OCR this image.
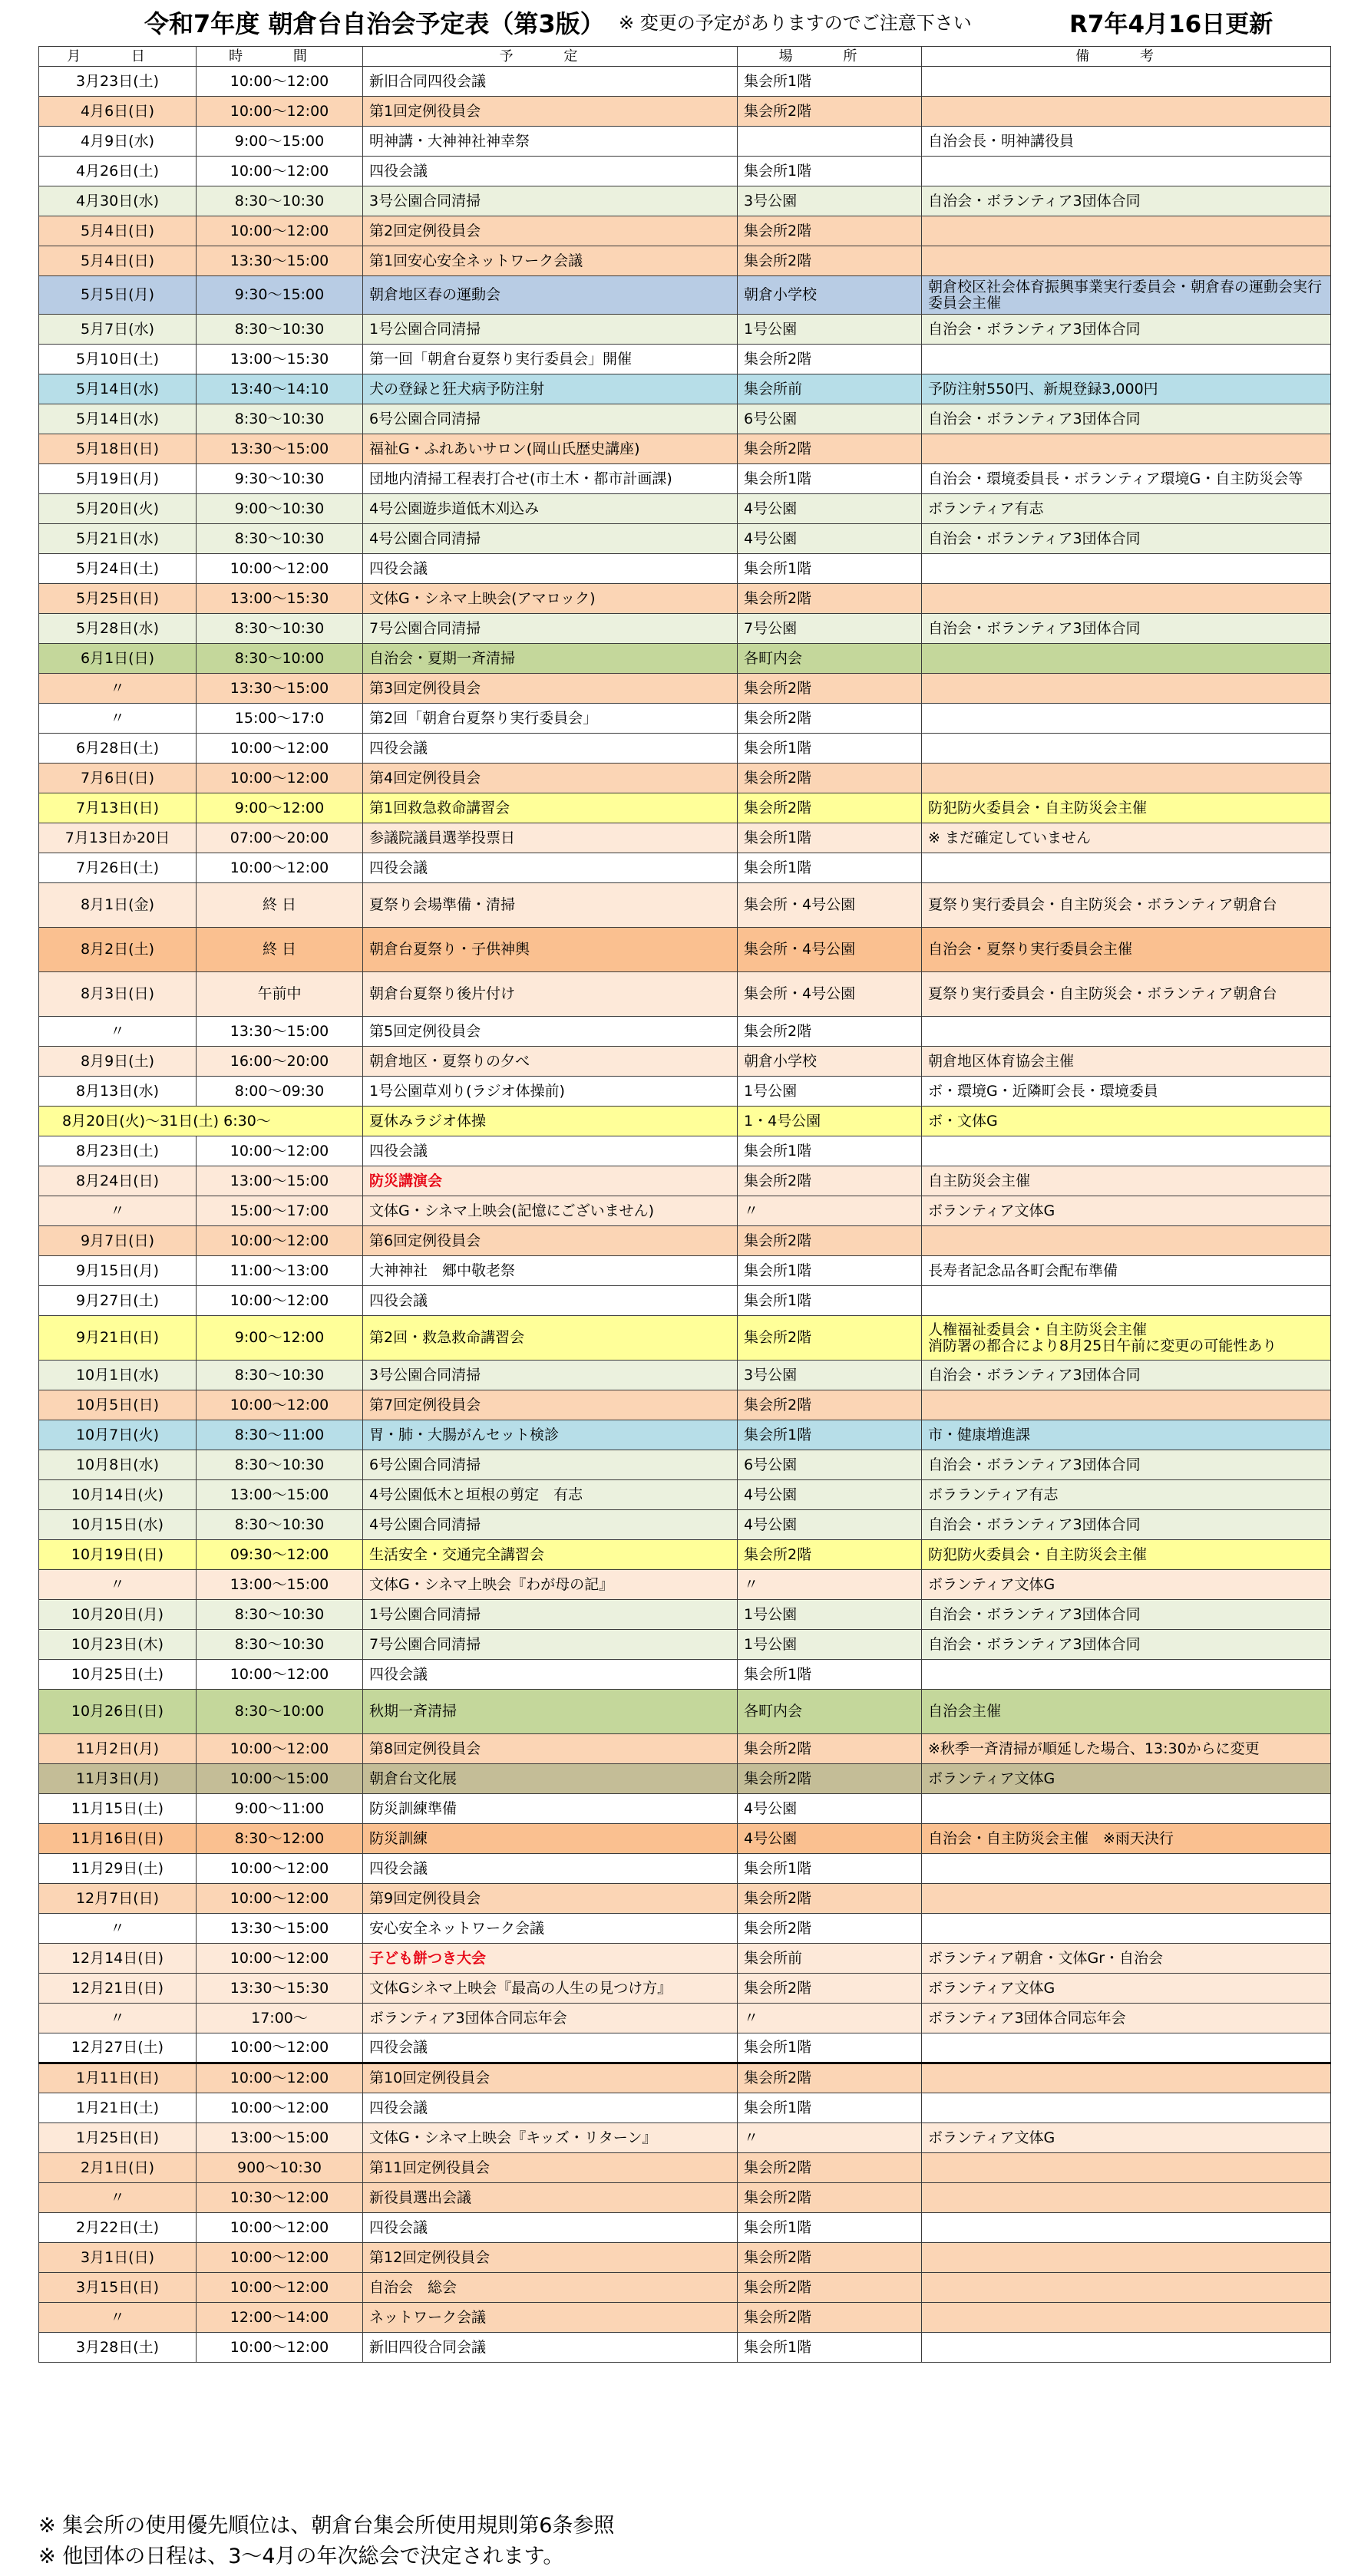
令和7年度 朝倉台自治会予定表（第3版） ※ 変更の予定がありますのでご注意下さい	R7年4月16日更新
月 日	時 間	予 定	場 所	備 考
3月23日(土)	10:00～12:00	新旧合同四役会議	集会所1階	
4月6日(日)	10:00～12:00	第1回定例役員会	集会所2階	
4月9日(水)	9:00～15:00	明神講・大神神社神幸祭		自治会長・明神講役員
4月26日(土)	10:00～12:00	四役会議	集会所1階	
4月30日(水)	8:30～10:30	3号公園合同清掃	3号公園	自治会・ボランティア3団体合同
5月4日(日)	10:00～12:00	第2回定例役員会	集会所2階	
5月4日(日)	13:30～15:00	第1回安心安全ネットワーク会議	集会所2階	
5月5日(月)	9:30～15:00	朝倉地区春の運動会	朝倉小学校	朝倉校区社会体育振興事業実行委員会・朝倉春の運動会実行委員会主催
5月7日(水)	8:30～10:30	1号公園合同清掃	1号公園	自治会・ボランティア3団体合同
5月10日(土)	13:00～15:30	第一回「朝倉台夏祭り実行委員会」開催	集会所2階	
5月14日(水)	13:40～14:10	犬の登録と狂犬病予防注射	集会所前	予防注射550円、新規登録3,000円
5月14日(水)	8:30～10:30	6号公園合同清掃	6号公園	自治会・ボランティア3団体合同
5月18日(日)	13:30～15:00	福祉G・ふれあいサロン(岡山氏歴史講座)	集会所2階	
5月19日(月)	9:30～10:30	団地内清掃工程表打合せ(市土木・都市計画課)	集会所1階	自治会・環境委員長・ボランティア環境G・自主防災会等
5月20日(火)	9:00～10:30	4号公園遊歩道低木刈込み	4号公園	ボランティア有志
5月21日(水)	8:30～10:30	4号公園合同清掃	4号公園	自治会・ボランティア3団体合同
5月24日(土)	10:00～12:00	四役会議	集会所1階	
5月25日(日)	13:00～15:30	文体G・シネマ上映会(アマロック)	集会所2階	
5月28日(水)	8:30～10:30	7号公園合同清掃	7号公園	自治会・ボランティア3団体合同
6月1日(日)	8:30～10:00	自治会・夏期一斉清掃	各町内会	
〃	13:30～15:00	第3回定例役員会	集会所2階	
〃	15:00～17:0	第2回「朝倉台夏祭り実行委員会」	集会所2階	
6月28日(土)	10:00～12:00	四役会議	集会所1階	
7月6日(日)	10:00～12:00	第4回定例役員会	集会所2階	
7月13日(日)	9:00～12:00	第1回救急救命講習会	集会所2階	防犯防火委員会・自主防災会主催
7月13日か20日	07:00～20:00	参議院議員選挙投票日	集会所1階	※ まだ確定していません
7月26日(土)	10:00～12:00	四役会議	集会所1階	
8月1日(金)	終 日	夏祭り会場準備・清掃	集会所・4号公園	夏祭り実行委員会・自主防災会・ボランティア朝倉台
8月2日(土)	終 日	朝倉台夏祭り・子供神輿	集会所・4号公園	自治会・夏祭り実行委員会主催
8月3日(日)	午前中	朝倉台夏祭り後片付け	集会所・4号公園	夏祭り実行委員会・自主防災会・ボランティア朝倉台
〃	13:30～15:00	第5回定例役員会	集会所2階	
8月9日(土)	16:00～20:00	朝倉地区・夏祭りの夕べ	朝倉小学校	朝倉地区体育協会主催
8月13日(水)	8:00～09:30	1号公園草刈り(ラジオ体操前)	1号公園	ボ・環境G・近隣町会長・環境委員
8月20日(火)～31日(土) 6:30～		夏休みラジオ体操	1・4号公園	ボ・文体G
8月23日(土)	10:00～12:00	四役会議	集会所1階	
8月24日(日)	13:00～15:00	防災講演会	集会所2階	自主防災会主催
〃	15:00～17:00	文体G・シネマ上映会(記憶にございません)	〃	ボランティア文体G
9月7日(日)	10:00～12:00	第6回定例役員会	集会所2階	
9月15日(月)	11:00～13:00	大神神社　郷中敬老祭	集会所1階	長寿者記念品各町会配布準備
9月27日(土)	10:00～12:00	四役会議	集会所1階	
9月21日(日)	9:00～12:00	第2回・救急救命講習会	集会所2階	人権福祉委員会・自主防災会主催
消防署の都合により8月25日午前に変更の可能性あり
10月1日(水)	8:30～10:30	3号公園合同清掃	3号公園	自治会・ボランティア3団体合同
10月5日(日)	10:00～12:00	第7回定例役員会	集会所2階	
10月7日(火)	8:30～11:00	胃・肺・大腸がんセット検診	集会所1階	市・健康増進課
10月8日(水)	8:30～10:30	6号公園合同清掃	6号公園	自治会・ボランティア3団体合同
10月14日(火)	13:00～15:00	4号公園低木と垣根の剪定　有志	4号公園	ボラランティア有志
10月15日(水)	8:30～10:30	4号公園合同清掃	4号公園	自治会・ボランティア3団体合同
10月19日(日)	09:30～12:00	生活安全・交通完全講習会	集会所2階	防犯防火委員会・自主防災会主催
〃	13:00～15:00	文体G・シネマ上映会『わが母の記』	〃	ボランティア文体G
10月20日(月)	8:30～10:30	1号公園合同清掃	1号公園	自治会・ボランティア3団体合同
10月23日(木)	8:30～10:30	7号公園合同清掃	1号公園	自治会・ボランティア3団体合同
10月25日(土)	10:00～12:00	四役会議	集会所1階	
10月26日(日)	8:30～10:00	秋期一斉清掃	各町内会	自治会主催
11月2日(月)	10:00～12:00	第8回定例役員会	集会所2階	※秋季一斉清掃が順延した場合、13:30からに変更
11月3日(月)	10:00～15:00	朝倉台文化展	集会所2階	ボランティア文体G
11月15日(土)	9:00～11:00	防災訓練準備	4号公園	
11月16日(日)	8:30～12:00	防災訓練	4号公園	自治会・自主防災会主催　※雨天決行
11月29日(土)	10:00～12:00	四役会議	集会所1階	
12月7日(日)	10:00～12:00	第9回定例役員会	集会所2階	
〃	13:30～15:00	安心安全ネットワーク会議	集会所2階	
12月14日(日)	10:00～12:00	子ども餅つき大会	集会所前	ボランティア朝倉・文体Gr・自治会
12月21日(日)	13:30～15:30	文体Gシネマ上映会『最高の人生の見つけ方』	集会所2階	ボランティア文体G
〃	17:00～	ボランティア3団体合同忘年会	〃	ボランティア3団体合同忘年会
12月27日(土)	10:00～12:00	四役会議	集会所1階	
1月11日(日)	10:00～12:00	第10回定例役員会	集会所2階	
1月21日(土)	10:00～12:00	四役会議	集会所1階	
1月25日(日)	13:00～15:00	文体G・シネマ上映会『キッズ・リターン』	〃	ボランティア文体G
2月1日(日)	900～10:30	第11回定例役員会	集会所2階	
〃	10:30～12:00	新役員選出会議	集会所2階	
2月22日(土)	10:00～12:00	四役会議	集会所1階	
3月1日(日)	10:00～12:00	第12回定例役員会	集会所2階	
3月15日(日)	10:00～12:00	自治会　総会	集会所2階	
〃	12:00～14:00	ネットワーク会議	集会所2階	
3月28日(土)	10:00～12:00	新旧四役合同会議	集会所1階	
※ 集会所の使用優先順位は、朝倉台集会所使用規則第6条参照
※ 他団体の日程は、3～4月の年次総会で決定されます。
